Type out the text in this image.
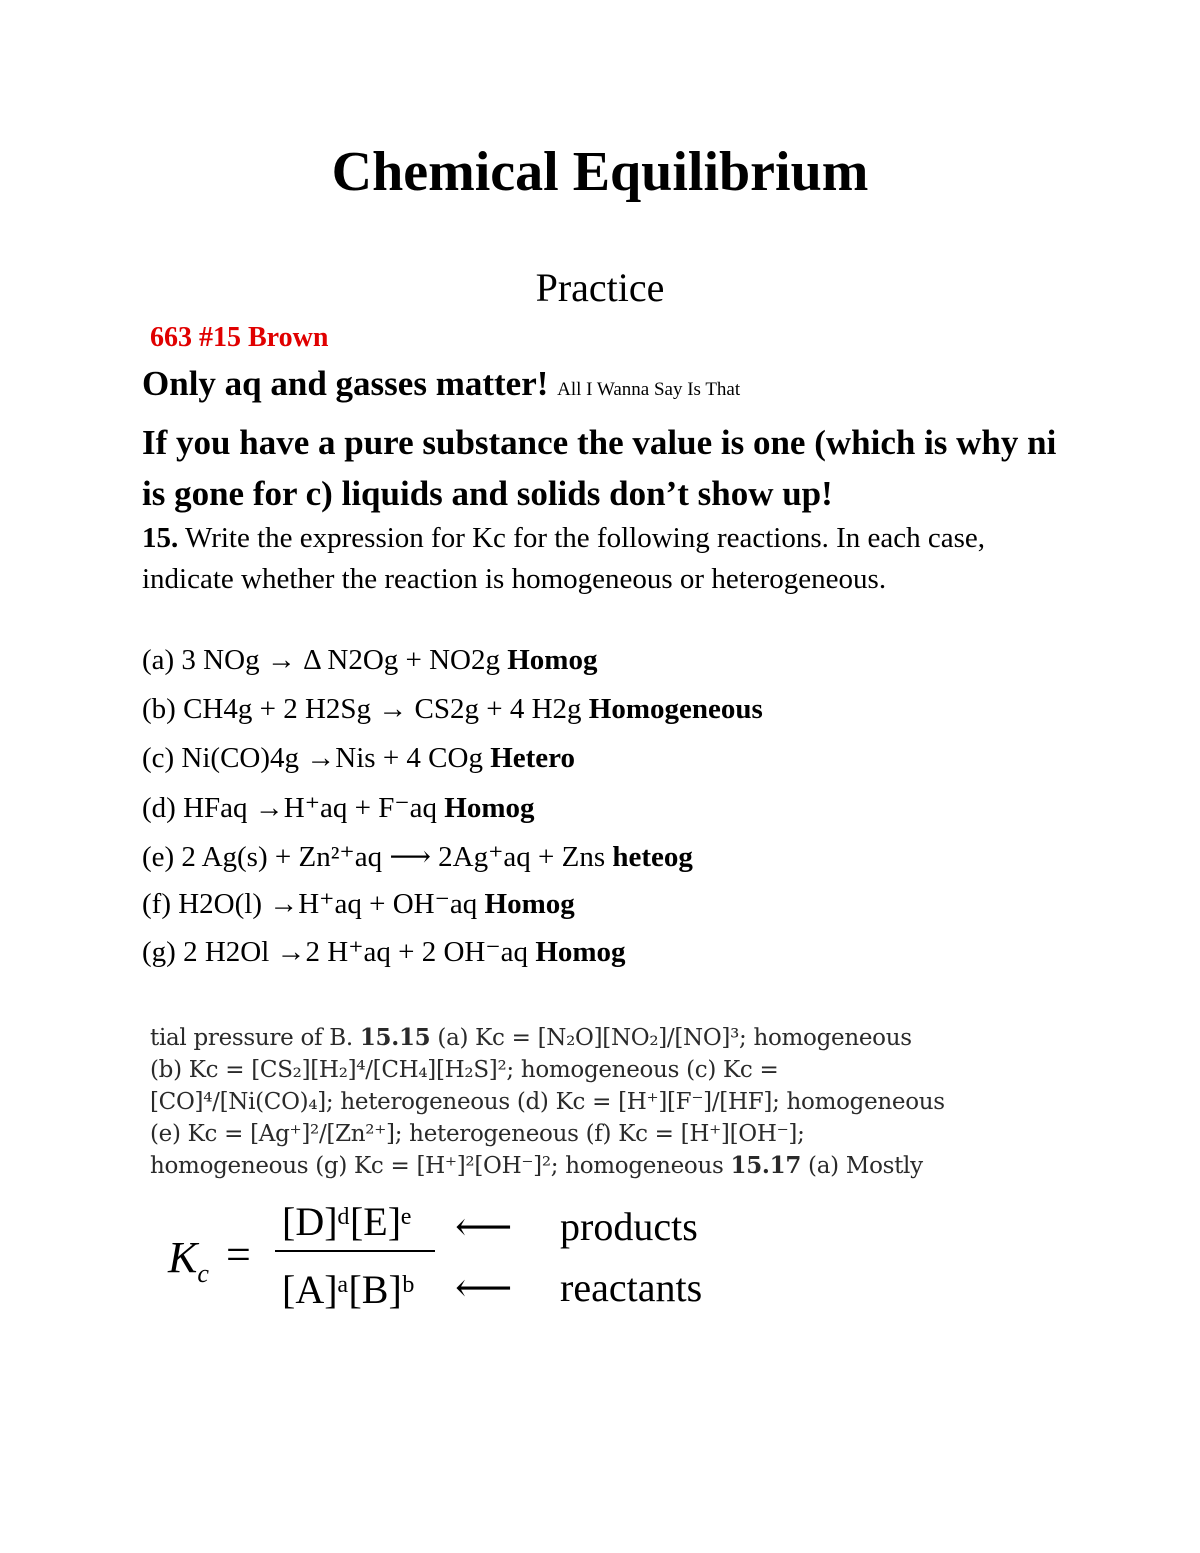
Chemical Equilibrium
Practice
663 #15 Brown
Only aq and gasses matter! All I Wanna Say Is That
If you have a pure substance the value is one (which is why ni is gone for c) liquids and solids don’t show up!
15. Write the expression for Kc for the following reactions. In each case, indicate whether the reaction is homogeneous or heterogeneous.
(a) 3 NOg → Δ N2Og + NO2g Homog
(b) CH4g + 2 H2Sg → CS2g + 4 H2g Homogeneous
(c) Ni(CO)4g →Nis + 4 COg Hetero
(d) HFaq →H⁺aq + F⁻aq Homog
(e) 2 Ag(s) + Zn²⁺aq ⟶ 2Ag⁺aq + Zns heteog
(f) H2O(l) →H⁺aq + OH⁻aq Homog
(g) 2 H2Ol →2 H⁺aq + 2 OH⁻aq Homog
tial pressure of B. 15.15 (a) Kc = [N₂O][NO₂]/[NO]³; homogeneous (b) Kc = [CS₂][H₂]⁴/[CH₄][H₂S]²; homogeneous (c) Kc = [CO]⁴/[Ni(CO)₄]; heterogeneous (d) Kc = [H⁺][F⁻]/[HF]; homogeneous (e) Kc = [Ag⁺]²/[Zn²⁺]; heterogeneous (f) Kc = [H⁺][OH⁻]; homogeneous (g) Kc = [H⁺]²[OH⁻]²; homogeneous 15.17 (a) Mostly
$K_c$ =
[D]ᵈ[E]ᵉ
[A]ᵃ[B]ᵇ
⟵
⟵
products
reactants
